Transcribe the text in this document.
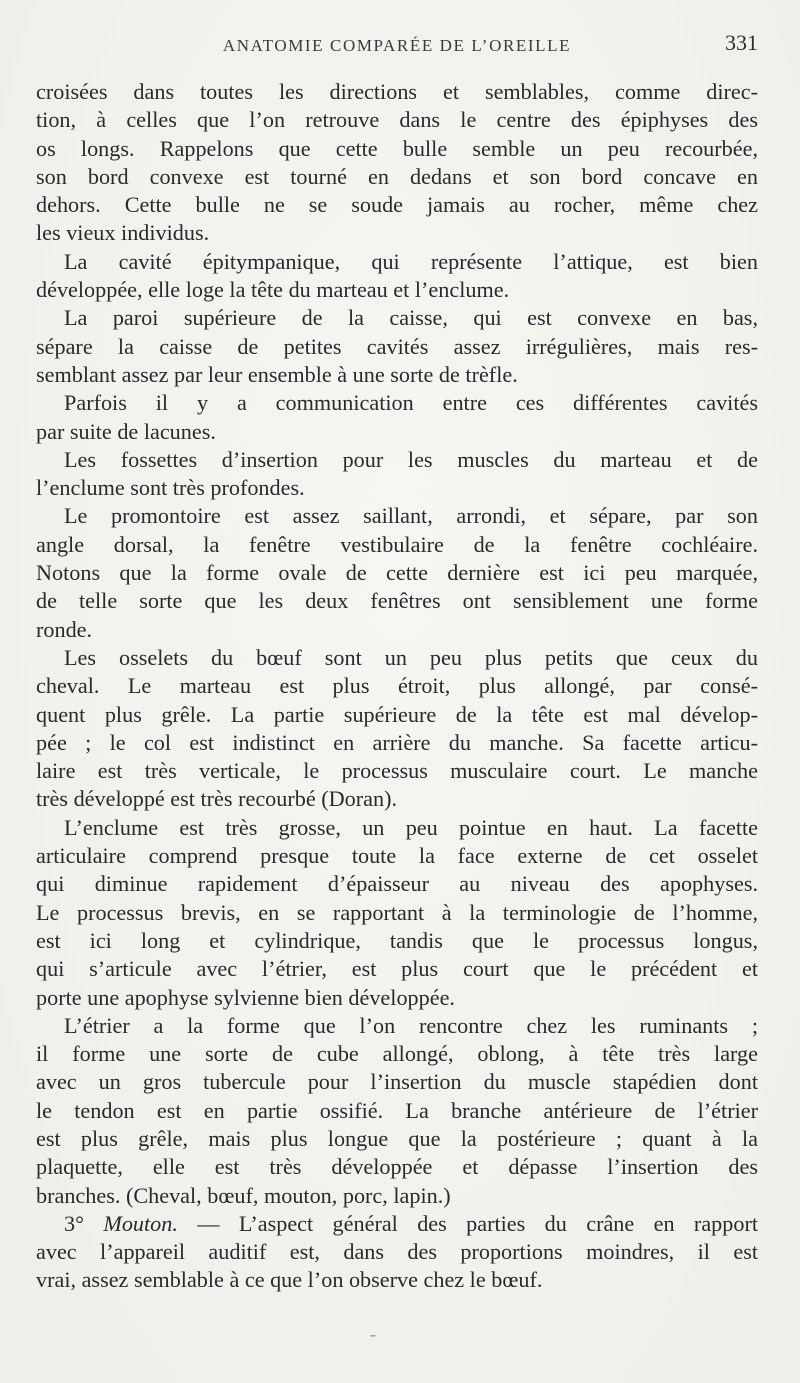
ANATOMIE COMPARÉE DE L’OREILLE	331
croisées dans toutes les directions et semblables, comme direc-
tion, à celles que l’on retrouve dans le centre des épiphyses des
os longs. Rappelons que cette bulle semble un peu recourbée,
son bord convexe est tourné en dedans et son bord concave en
dehors. Cette bulle ne se soude jamais au rocher, même chez
les vieux individus.
La cavité épitympanique, qui représente l’attique, est bien
développée, elle loge la tête du marteau et l’enclume.
La paroi supérieure de la caisse, qui est convexe en bas,
sépare la caisse de petites cavités assez irrégulières, mais res-
semblant assez par leur ensemble à une sorte de trèfle.
Parfois il y a communication entre ces différentes cavités
par suite de lacunes.
Les fossettes d’insertion pour les muscles du marteau et de
l’enclume sont très profondes.
Le promontoire est assez saillant, arrondi, et sépare, par son
angle dorsal, la fenêtre vestibulaire de la fenêtre cochléaire.
Notons que la forme ovale de cette dernière est ici peu marquée,
de telle sorte que les deux fenêtres ont sensiblement une forme
ronde.
Les osselets du bœuf sont un peu plus petits que ceux du
cheval. Le marteau est plus étroit, plus allongé, par consé-
quent plus grêle. La partie supérieure de la tête est mal dévelop-
pée ; le col est indistinct en arrière du manche. Sa facette articu-
laire est très verticale, le processus musculaire court. Le manche
très développé est très recourbé (Doran).
L’enclume est très grosse, un peu pointue en haut. La facette
articulaire comprend presque toute la face externe de cet osselet
qui diminue rapidement d’épaisseur au niveau des apophyses.
Le processus brevis, en se rapportant à la terminologie de l’homme,
est ici long et cylindrique, tandis que le processus longus,
qui s’articule avec l’étrier, est plus court que le précédent et
porte une apophyse sylvienne bien développée.
L’étrier a la forme que l’on rencontre chez les ruminants ;
il forme une sorte de cube allongé, oblong, à tête très large
avec un gros tubercule pour l’insertion du muscle stapédien dont
le tendon est en partie ossifié. La branche antérieure de l’étrier
est plus grêle, mais plus longue que la postérieure ; quant à la
plaquette, elle est très développée et dépasse l’insertion des
branches. (Cheval, bœuf, mouton, porc, lapin.)
3° Mouton. — L’aspect général des parties du crâne en rapport
avec l’appareil auditif est, dans des proportions moindres, il est
vrai, assez semblable à ce que l’on observe chez le bœuf.
-
